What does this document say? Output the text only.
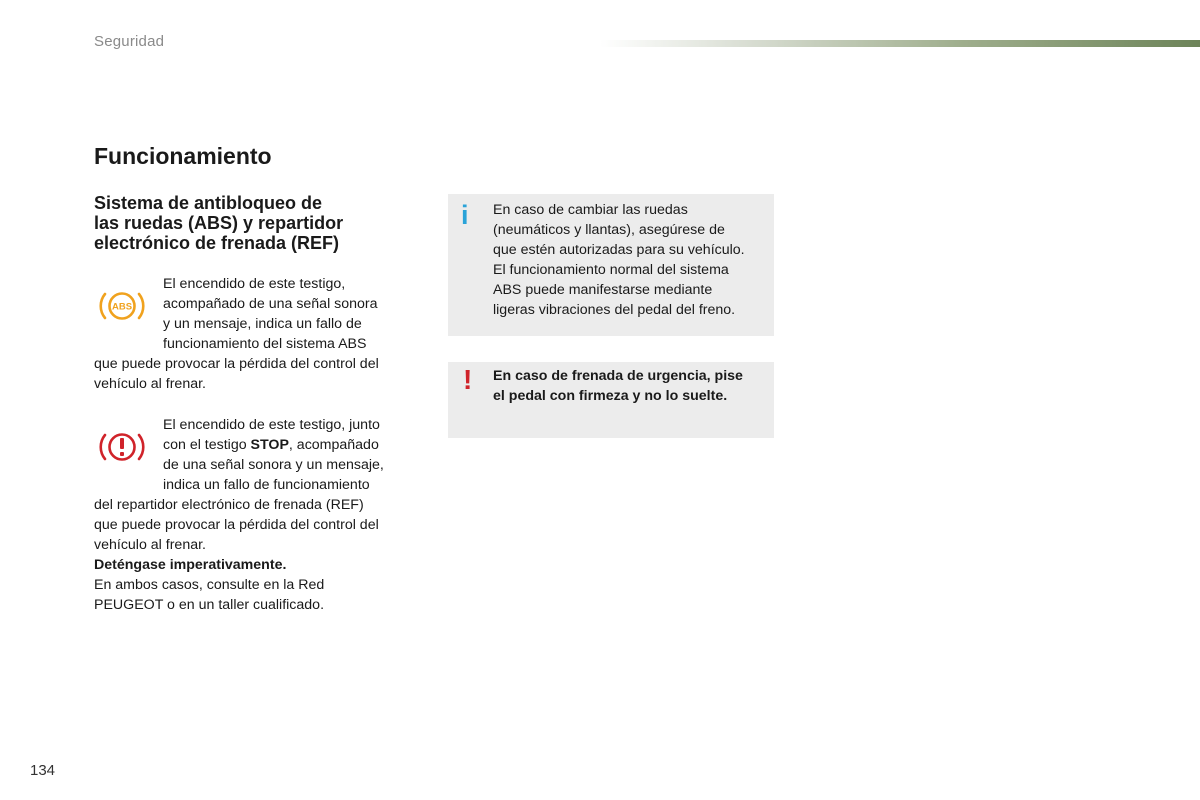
Seguridad
Funcionamiento
Sistema de antibloqueo de
las ruedas (ABS) y repartidor
electrónico de frenada (REF)
ABS
El encendido de este testigo,
acompañado de una señal sonora
y un mensaje, indica un fallo de
funcionamiento del sistema ABS
que puede provocar la pérdida del control del
vehículo al frenar.
El encendido de este testigo, junto
con el testigo STOP, acompañado
de una señal sonora y un mensaje,
indica un fallo de funcionamiento
del repartidor electrónico de frenada (REF)
que puede provocar la pérdida del control del
vehículo al frenar.
Deténgase imperativamente.
En ambos casos, consulte en la Red
PEUGEOT o en un taller cualificado.
i En caso de cambiar las ruedas
(neumáticos y llantas), asegúrese de
que estén autorizadas para su vehículo.
El funcionamiento normal del sistema
ABS puede manifestarse mediante
ligeras vibraciones del pedal del freno.
! En caso de frenada de urgencia, pise
el pedal con firmeza y no lo suelte.
134
